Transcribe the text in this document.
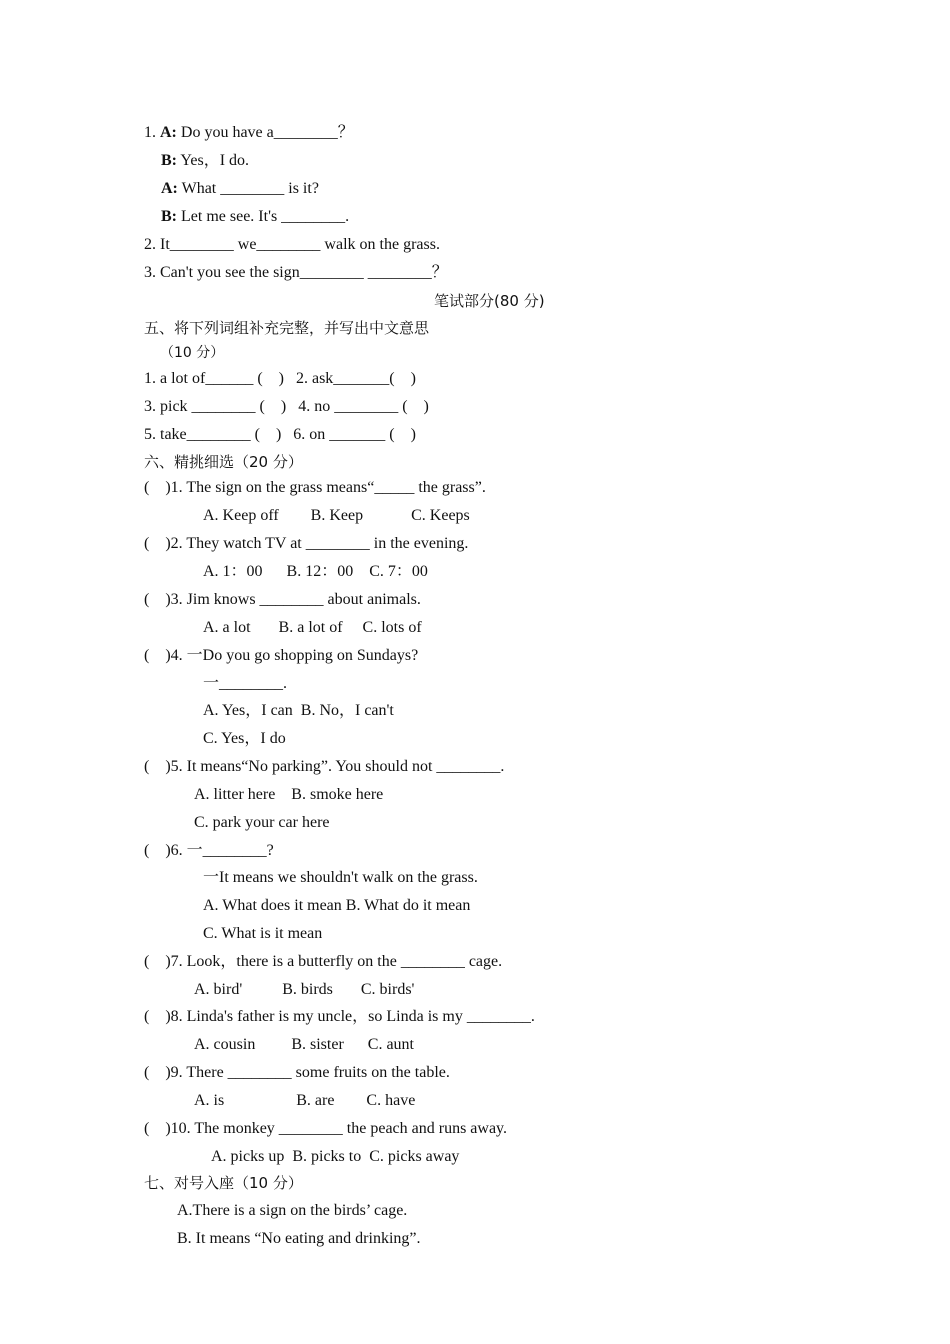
1. A: Do you have a________？
B: Yes，I do.
A: What ________ is it?
B: Let me see. It's ________.
2. It________ we________ walk on the grass.
3. Can't you see the sign________ ________？
笔试部分(80 分)
五、将下列词组补充完整，并写出中文意思
（10 分）
1. a lot of______ (    )   2. ask_______(    )
3. pick ________ (    )   4. no ________ (    )
5. take________ (    )   6. on _______ (    )
六、精挑细选（20 分）
(    )1. The sign on the grass means“_____ the grass”.
A. Keep off        B. Keep            C. Keeps
(    )2. They watch TV at ________ in the evening.
A. 1：00      B. 12：00    C. 7：00
(    )3. Jim knows ________ about animals.
A. a lot       B. a lot of     C. lots of
(    )4. 一Do you go shopping on Sundays?
一________.
A. Yes，I can  B. No，I can't
C. Yes，I do
(    )5. It means“No parking”. You should not ________.
A. litter here    B. smoke here
C. park your car here
(    )6. 一________?
一It means we shouldn't walk on the grass.
A. What does it mean B. What do it mean
C. What is it mean
(    )7. Look，there is a butterfly on the ________ cage.
A. bird'          B. birds       C. birds'
(    )8. Linda's father is my uncle，so Linda is my ________.
A. cousin         B. sister      C. aunt
(    )9. There ________ some fruits on the table.
A. is                  B. are        C. have
(    )10. The monkey ________ the peach and runs away.
A. picks up  B. picks to  C. picks away
七、对号入座（10 分）
A.There is a sign on the birds’ cage.
B. It means “No eating and drinking”.
